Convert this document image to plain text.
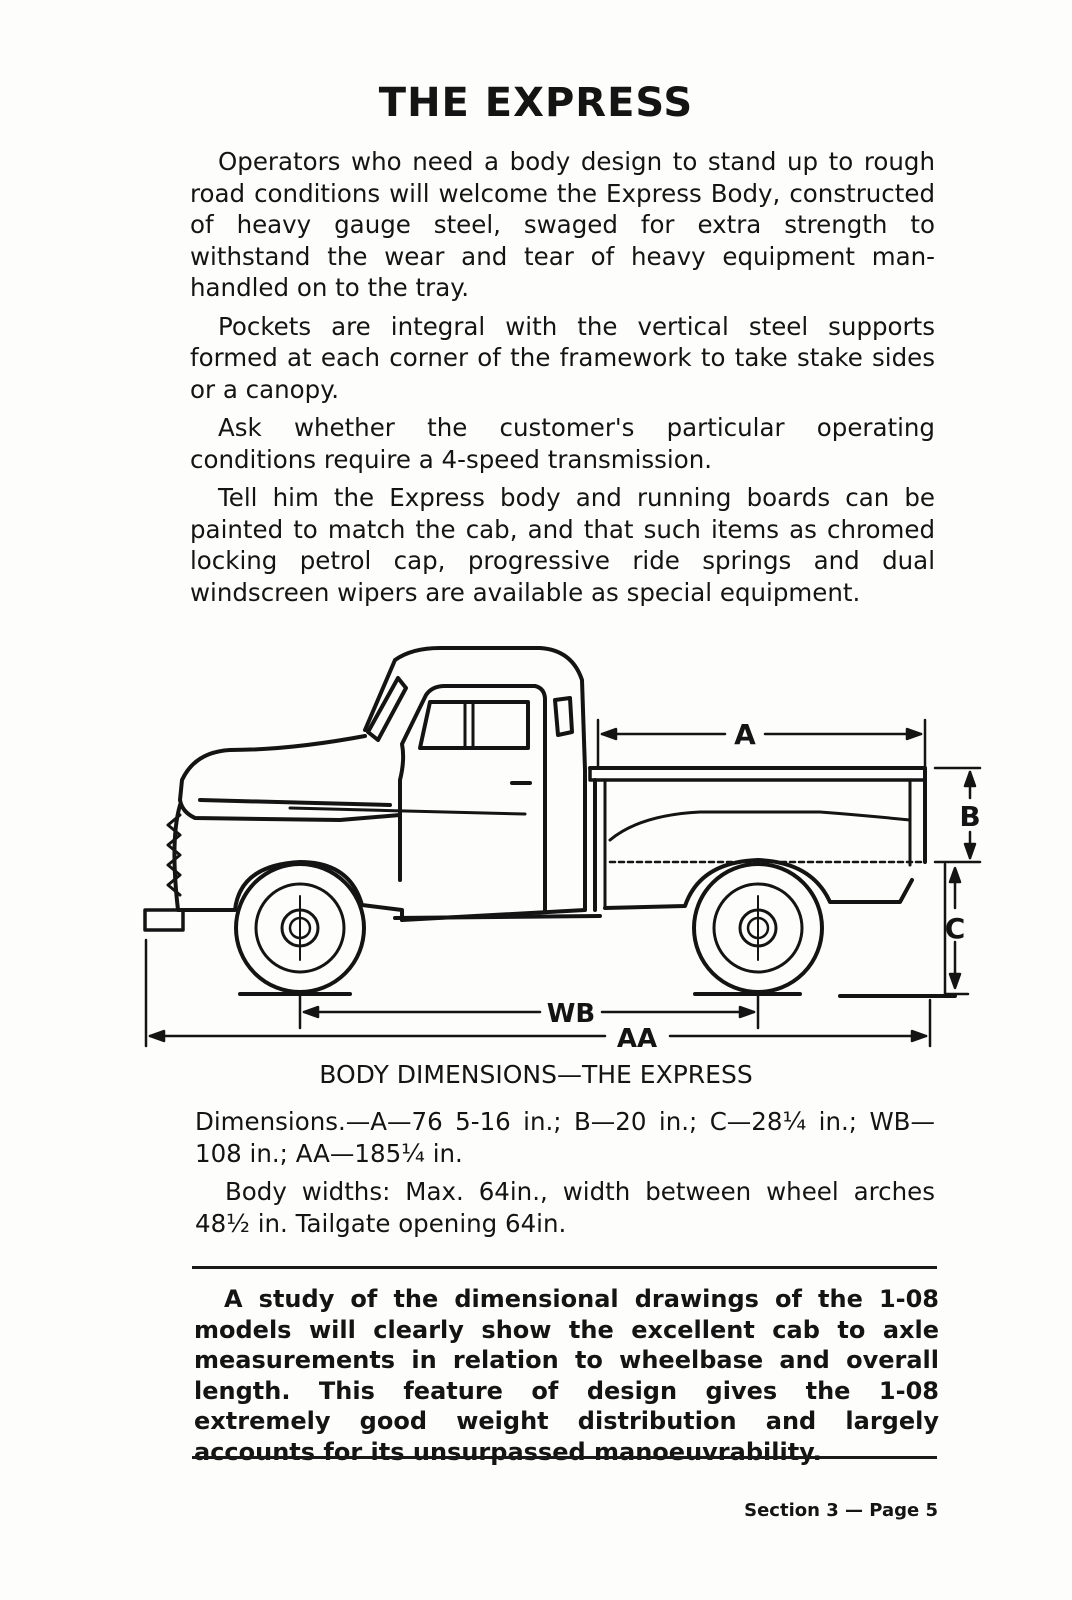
THE EXPRESS

Operators who need a body design to stand up to rough road conditions will welcome the Express Body, constructed of heavy gauge steel, swaged for extra strength to withstand the wear and tear of heavy equipment man-handled on to the tray.

Pockets are integral with the vertical steel supports formed at each corner of the framework to take stake sides or a canopy.

Ask whether the customer's particular operating conditions require a 4-speed transmission.

Tell him the Express body and running boards can be painted to match the cab, and that such items as chromed locking petrol cap, progressive ride springs and dual windscreen wipers are available as special equipment.

A
B
C
WB
AA
BODY DIMENSIONS—THE EXPRESS

Dimensions.—A—76 5-16 in.; B—20 in.; C—28¼ in.; WB—108 in.; AA—185¼ in.

Body widths: Max. 64in., width between wheel arches 48½ in. Tailgate opening 64in.

A study of the dimensional drawings of the 1-08 models will clearly show the excellent cab to axle measurements in relation to wheelbase and overall length. This feature of design gives the 1-08 extremely good weight distribution and largely accounts for its unsurpassed manoeuvrability.
Section 3 — Page 5
